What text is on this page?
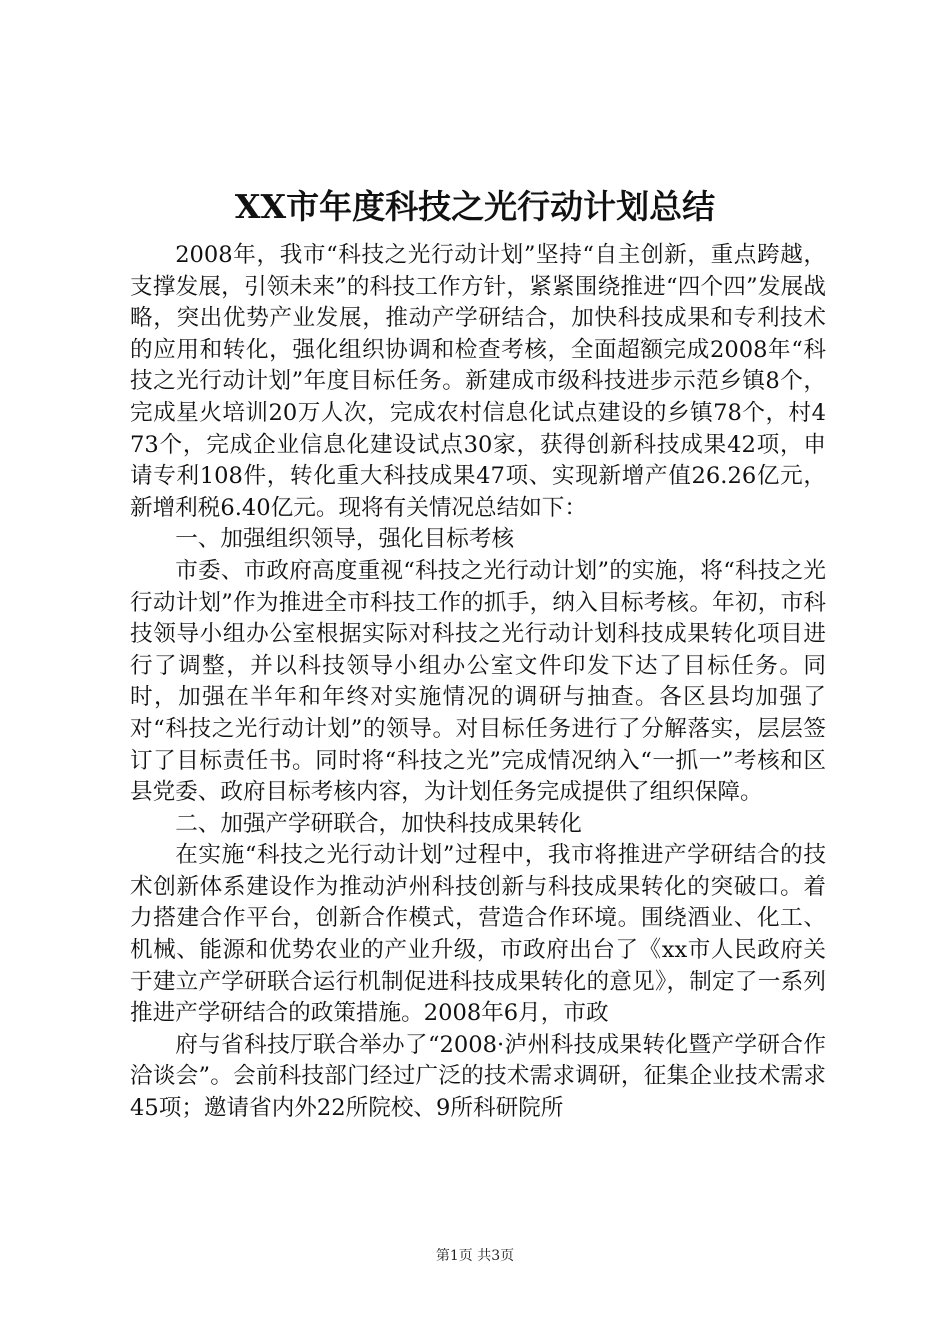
XX市年度科技之光行动计划总结

2008年，我市“科技之光行动计划”坚持“自主创新，重点跨越，支撑发展，引领未来”的科技工作方针，紧紧围绕推进“四个四”发展战略，突出优势产业发展，推动产学研结合，加快科技成果和专利技术的应用和转化，强化组织协调和检查考核，全面超额完成2008年“科技之光行动计划”年度目标任务。新建成市级科技进步示范乡镇8个，完成星火培训20万人次，完成农村信息化试点建设的乡镇78个，村473个，完成企业信息化建设试点30家，获得创新科技成果42项，申请专利108件，转化重大科技成果47项、实现新增产值26.26亿元，新增利税6.40亿元。现将有关情况总结如下：

一、加强组织领导，强化目标考核

市委、市政府高度重视“科技之光行动计划”的实施，将“科技之光行动计划”作为推进全市科技工作的抓手，纳入目标考核。年初，市科技领导小组办公室根据实际对科技之光行动计划科技成果转化项目进行了调整，并以科技领导小组办公室文件印发下达了目标任务。同时，加强在半年和年终对实施情况的调研与抽查。各区县均加强了对“科技之光行动计划”的领导。对目标任务进行了分解落实，层层签订了目标责任书。同时将“科技之光”完成情况纳入“一抓一”考核和区县党委、政府目标考核内容，为计划任务完成提供了组织保障。

二、加强产学研联合，加快科技成果转化

在实施“科技之光行动计划”过程中，我市将推进产学研结合的技术创新体系建设作为推动泸州科技创新与科技成果转化的突破口。着力搭建合作平台，创新合作模式，营造合作环境。围绕酒业、化工、机械、能源和优势农业的产业升级，市政府出台了《xx市人民政府关于建立产学研联合运行机制促进科技成果转化的意见》，制定了一系列推进产学研结合的政策措施。2008年6月，市政

府与省科技厅联合举办了“2008·泸州科技成果转化暨产学研合作洽谈会”。会前科技部门经过广泛的技术需求调研，征集企业技术需求45项；邀请省内外22所院校、9所科研院所

第1页 共3页
